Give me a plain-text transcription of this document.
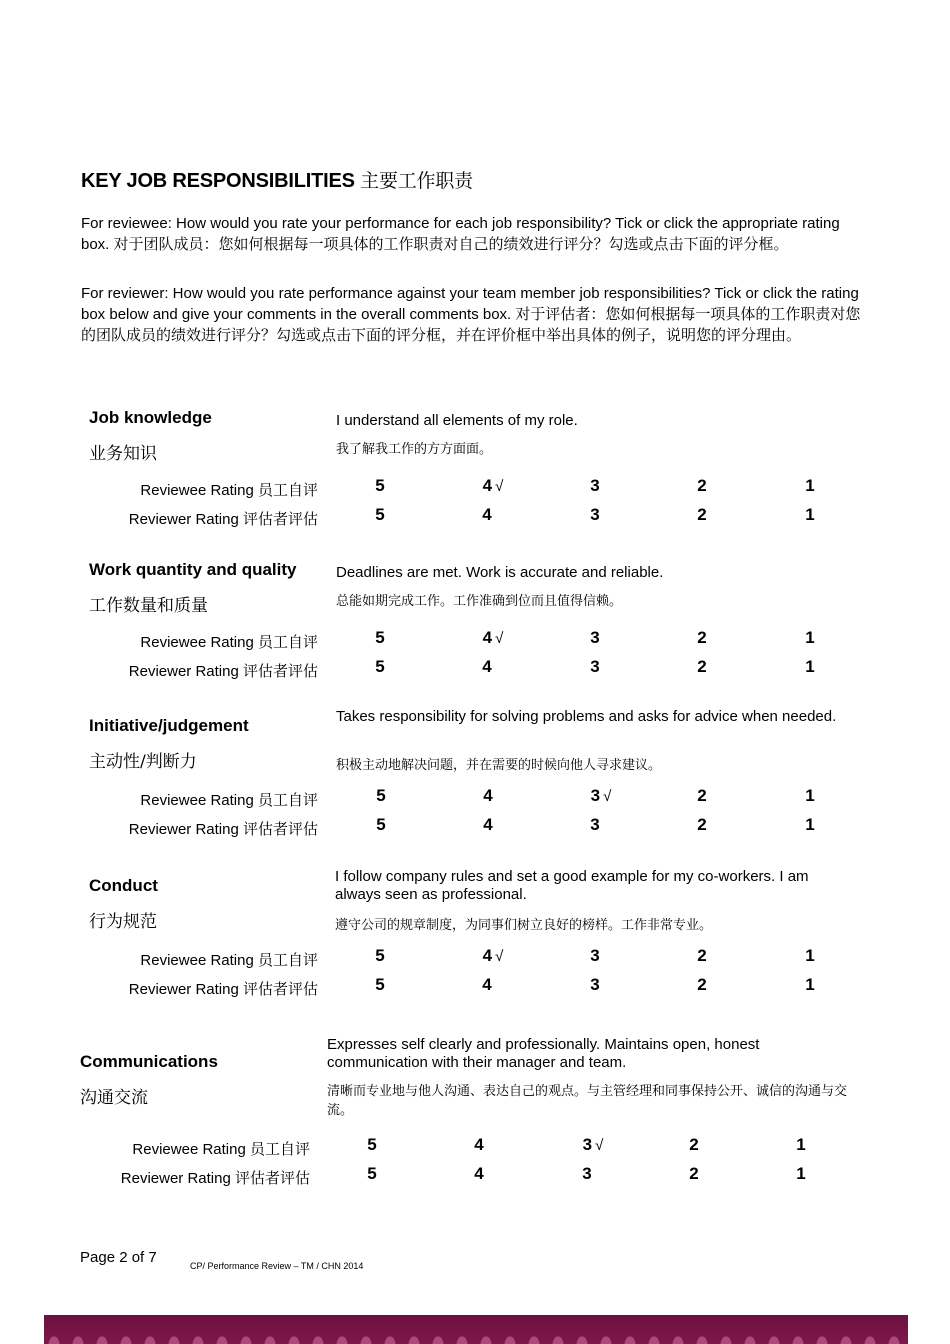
KEY JOB RESPONSIBILITIES 主要工作职责
For reviewee: How would you rate your performance for each job responsibility? Tick or click the appropriate rating box. 对于团队成员：您如何根据每一项具体的工作职责对自己的绩效进行评分？勾选或点击下面的评分框。
For reviewer: How would you rate performance against your team member job responsibilities? Tick or click the rating box below and give your comments in the overall comments box. 对于评估者：您如何根据每一项具体的工作职责对您的团队成员的绩效进行评分？勾选或点击下面的评分框，并在评价框中举出具体的例子，说明您的评分理由。
Job knowledge
业务知识
I understand all elements of my role.
我了解我工作的方方面面。
Reviewee Rating 员工自评	5	4 √	3	2	1
Reviewer Rating 评估者评估	5	4	3	2	1
Work quantity and quality
工作数量和质量
Deadlines are met. Work is accurate and reliable.
总能如期完成工作。工作准确到位而且值得信赖。
Reviewee Rating 员工自评	5	4 √	3	2	1
Reviewer Rating 评估者评估	5	4	3	2	1
Initiative/judgement
主动性/判断力
Takes responsibility for solving problems and asks for advice when needed.
积极主动地解决问题，并在需要的时候向他人寻求建议。
Reviewee Rating 员工自评	5	4	3 √	2	1
Reviewer Rating 评估者评估	5	4	3	2	1
Conduct
行为规范
I follow company rules and set a good example for my co-workers. I am always seen as professional.
遵守公司的规章制度，为同事们树立良好的榜样。工作非常专业。
Reviewee Rating 员工自评	5	4 √	3	2	1
Reviewer Rating 评估者评估	5	4	3	2	1
Communications
沟通交流
Expresses self clearly and professionally. Maintains open, honest communication with their manager and team.
清晰而专业地与他人沟通、表达自己的观点。与主管经理和同事保持公开、诚信的沟通与交流。
Reviewee Rating 员工自评	5	4	3 √	2	1
Reviewer Rating 评估者评估	5	4	3	2	1
Page 2 of 7	CP/ Performance Review – TM / CHN 2014
